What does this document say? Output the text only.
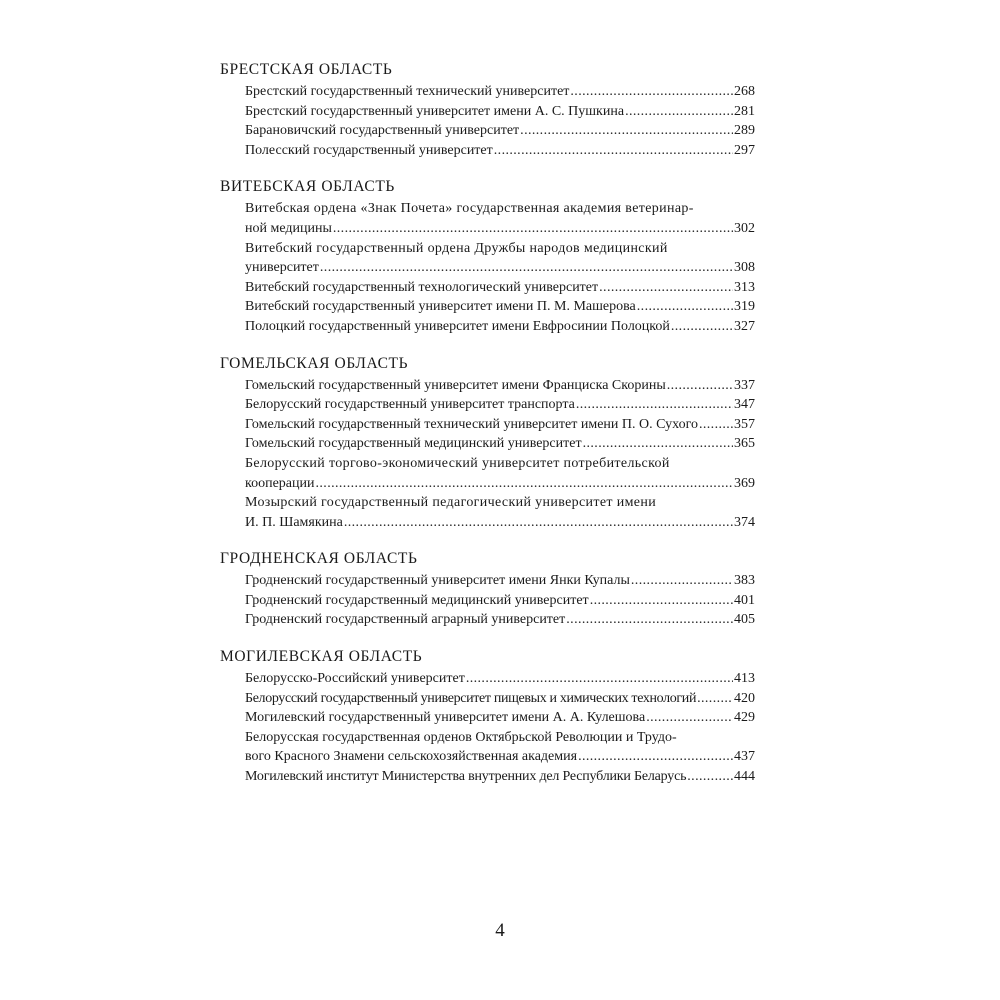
БРЕСТСКАЯ ОБЛАСТЬ
Брестский государственный технический университет .....	268
Брестский государственный университет имени А. С. Пушкина .....	281
Барановичский государственный университет .....	289
Полесский государственный университет .....	297
ВИТЕБСКАЯ ОБЛАСТЬ
Витебская ордена «Знак Почета» государственная академия ветеринар-
ной медицины .....	302
Витебский государственный ордена Дружбы народов медицинский
университет .....	308
Витебский государственный технологический университет .....	313
Витебский государственный университет имени П. М. Машерова .....	319
Полоцкий государственный университет имени Евфросинии Полоцкой .....	327
ГОМЕЛЬСКАЯ ОБЛАСТЬ
Гомельский государственный университет имени Франциска Скорины .....	337
Белорусский государственный университет транспорта .....	347
Гомельский государственный технический университет имени П. О. Сухого .....	357
Гомельский государственный медицинский университет .....	365
Белорусский торгово-экономический университет потребительской
кооперации .....	369
Мозырский государственный педагогический университет имени
И. П. Шамякина .....	374
ГРОДНЕНСКАЯ ОБЛАСТЬ
Гродненский государственный университет имени Янки Купалы .....	383
Гродненский государственный медицинский университет .....	401
Гродненский государственный аграрный университет .....	405
МОГИЛЕВСКАЯ ОБЛАСТЬ
Белорусско-Российский университет .....	413
Белорусский государственный университет пищевых и химических технологий .....	420
Могилевский государственный университет имени А. А. Кулешова .....	429
Белорусская государственная орденов Октябрьской Революции и Трудо-
вого Красного Знамени сельскохозяйственная академия .....	437
Могилевский институт Министерства внутренних дел Республики Беларусь .....	444
4
